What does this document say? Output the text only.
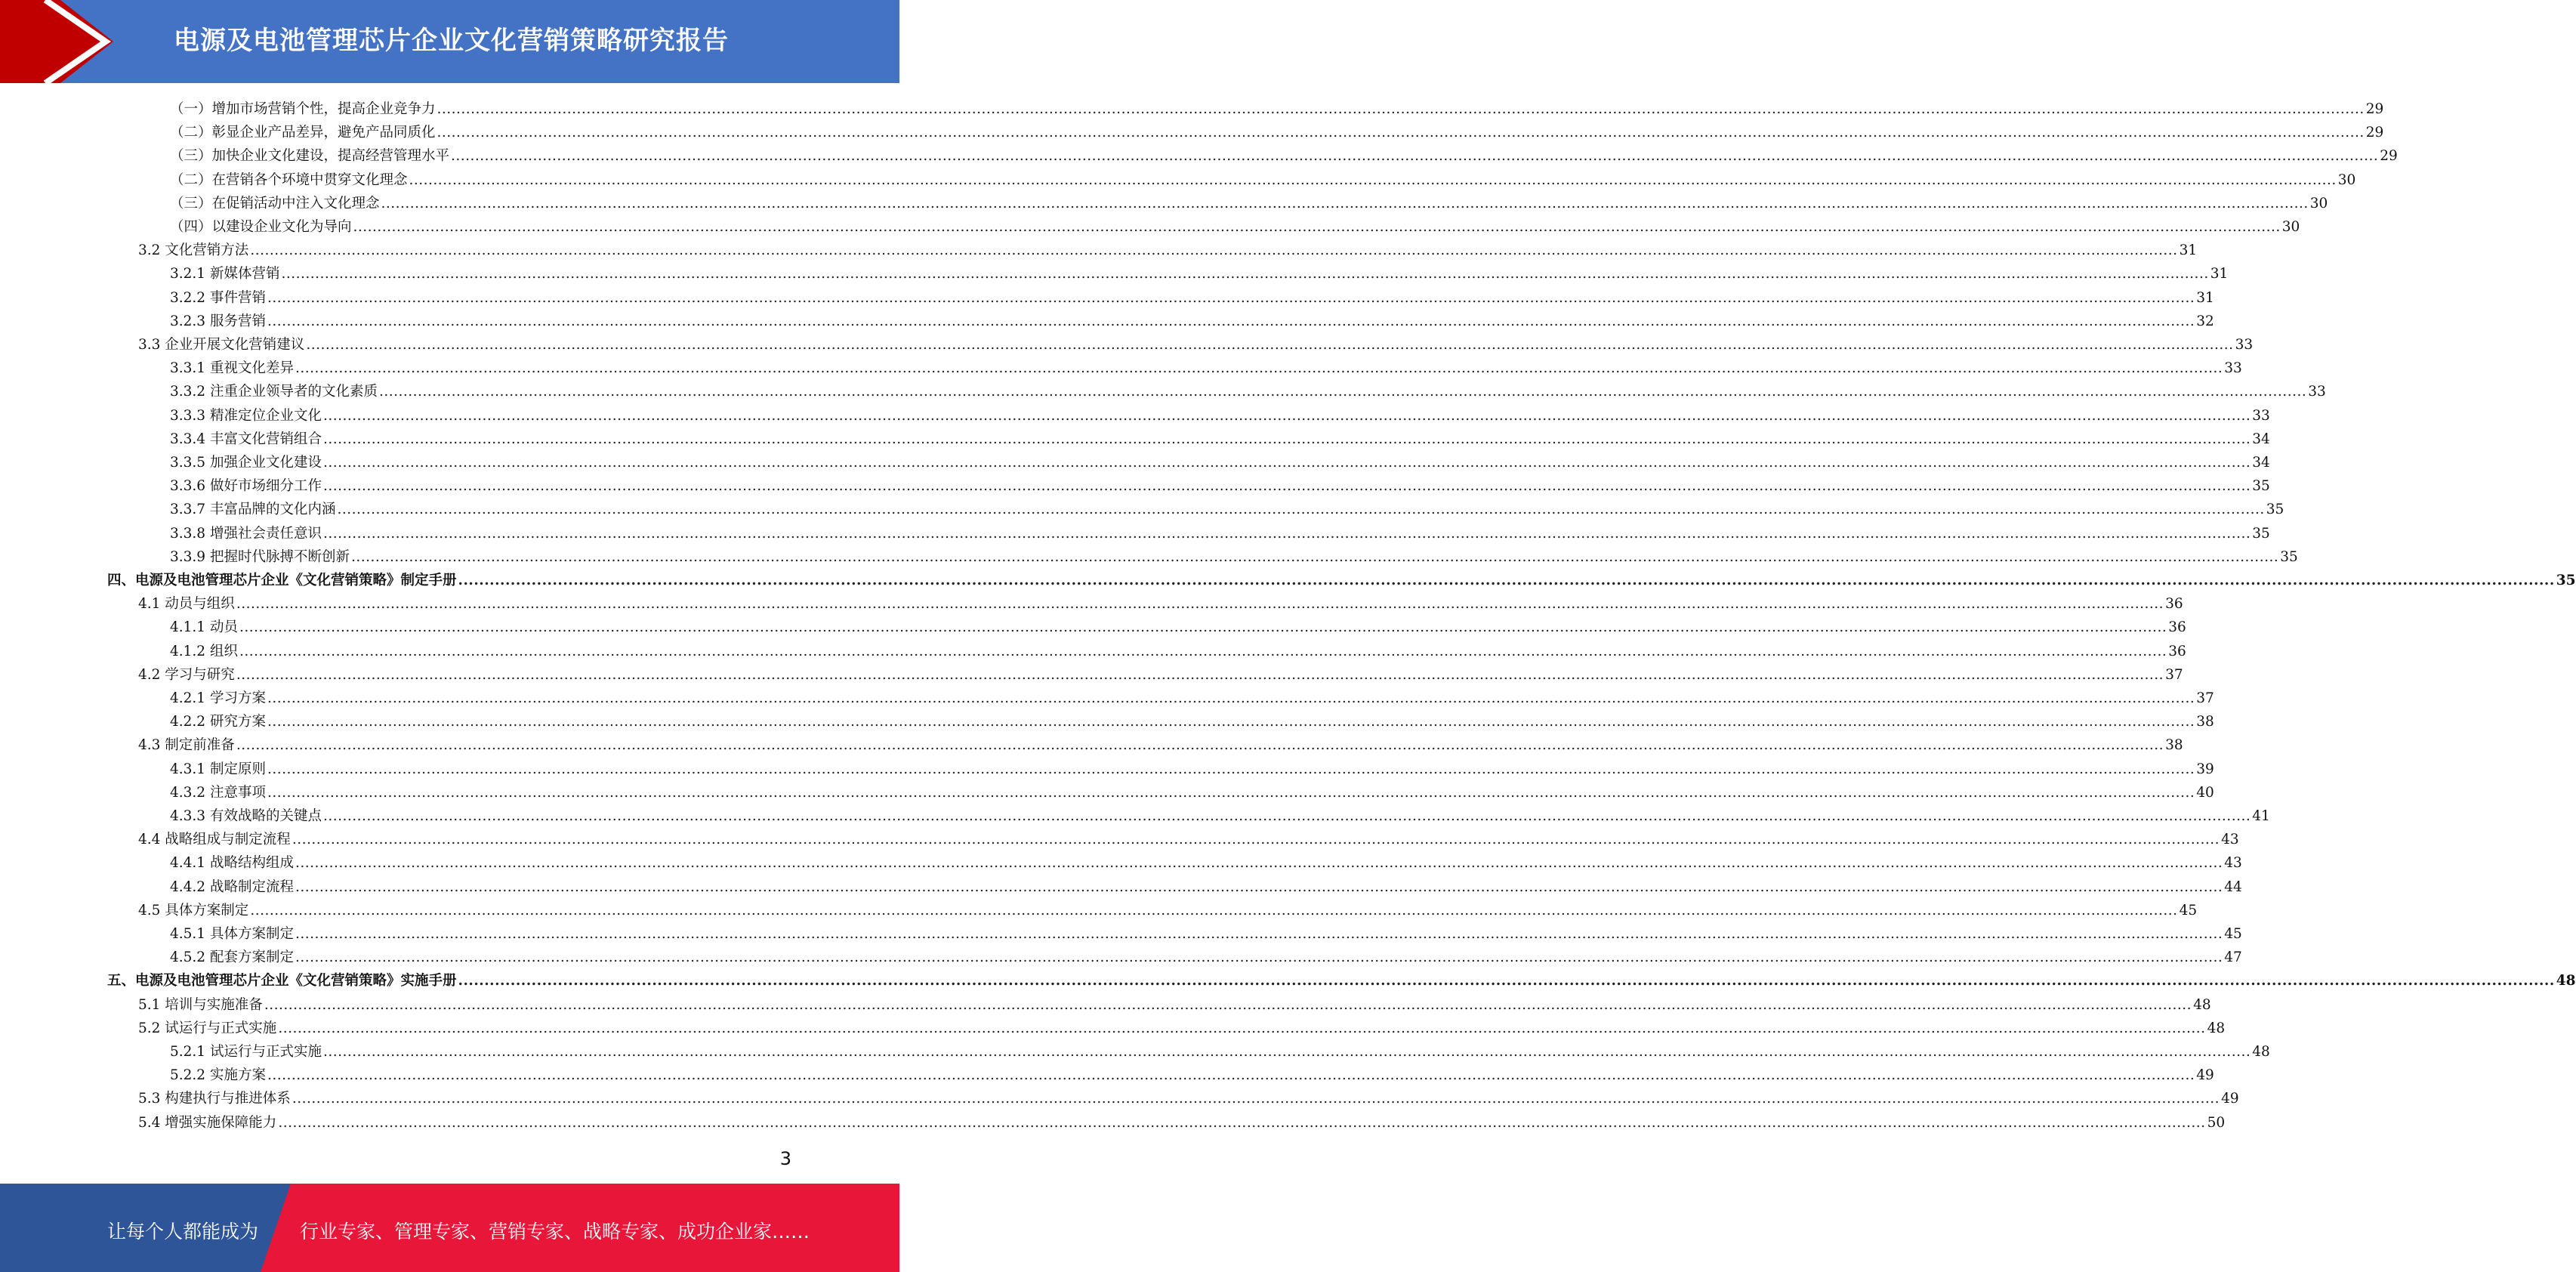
电源及电池管理芯片企业文化营销策略研究报告
（一）增加市场营销个性，提高企业竞争力 ................................................................................................................................................................................................................................................................................................................................................................................................................ 29
（二）彰显企业产品差异，避免产品同质化 ................................................................................................................................................................................................................................................................................................................................................................................................................ 29
（三）加快企业文化建设，提高经营管理水平 ................................................................................................................................................................................................................................................................................................................................................................................................................ 29
（二）在营销各个环境中贯穿文化理念 ................................................................................................................................................................................................................................................................................................................................................................................................................ 30
（三）在促销活动中注入文化理念 ................................................................................................................................................................................................................................................................................................................................................................................................................ 30
（四）以建设企业文化为导向 ................................................................................................................................................................................................................................................................................................................................................................................................................ 30
3.2 文化营销方法 ................................................................................................................................................................................................................................................................................................................................................................................................................ 31
3.2.1 新媒体营销 ................................................................................................................................................................................................................................................................................................................................................................................................................ 31
3.2.2 事件营销 ................................................................................................................................................................................................................................................................................................................................................................................................................ 31
3.2.3 服务营销 ................................................................................................................................................................................................................................................................................................................................................................................................................ 32
3.3 企业开展文化营销建议 ................................................................................................................................................................................................................................................................................................................................................................................................................ 33
3.3.1 重视文化差异 ................................................................................................................................................................................................................................................................................................................................................................................................................ 33
3.3.2 注重企业领导者的文化素质 ................................................................................................................................................................................................................................................................................................................................................................................................................ 33
3.3.3 精准定位企业文化 ................................................................................................................................................................................................................................................................................................................................................................................................................ 33
3.3.4 丰富文化营销组合 ................................................................................................................................................................................................................................................................................................................................................................................................................ 34
3.3.5 加强企业文化建设 ................................................................................................................................................................................................................................................................................................................................................................................................................ 34
3.3.6 做好市场细分工作 ................................................................................................................................................................................................................................................................................................................................................................................................................ 35
3.3.7 丰富品牌的文化内涵 ................................................................................................................................................................................................................................................................................................................................................................................................................ 35
3.3.8 增强社会责任意识 ................................................................................................................................................................................................................................................................................................................................................................................................................ 35
3.3.9 把握时代脉搏不断创新 ................................................................................................................................................................................................................................................................................................................................................................................................................ 35
四、电源及电池管理芯片企业《文化营销策略》制定手册 ................................................................................................................................................................................................................................................................................................................................................................................................................ 35
4.1 动员与组织 ................................................................................................................................................................................................................................................................................................................................................................................................................ 36
4.1.1 动员 ................................................................................................................................................................................................................................................................................................................................................................................................................ 36
4.1.2 组织 ................................................................................................................................................................................................................................................................................................................................................................................................................ 36
4.2 学习与研究 ................................................................................................................................................................................................................................................................................................................................................................................................................ 37
4.2.1 学习方案 ................................................................................................................................................................................................................................................................................................................................................................................................................ 37
4.2.2 研究方案 ................................................................................................................................................................................................................................................................................................................................................................................................................ 38
4.3 制定前准备 ................................................................................................................................................................................................................................................................................................................................................................................................................ 38
4.3.1 制定原则 ................................................................................................................................................................................................................................................................................................................................................................................................................ 39
4.3.2 注意事项 ................................................................................................................................................................................................................................................................................................................................................................................................................ 40
4.3.3 有效战略的关键点 ................................................................................................................................................................................................................................................................................................................................................................................................................ 41
4.4 战略组成与制定流程 ................................................................................................................................................................................................................................................................................................................................................................................................................ 43
4.4.1 战略结构组成 ................................................................................................................................................................................................................................................................................................................................................................................................................ 43
4.4.2 战略制定流程 ................................................................................................................................................................................................................................................................................................................................................................................................................ 44
4.5 具体方案制定 ................................................................................................................................................................................................................................................................................................................................................................................................................ 45
4.5.1 具体方案制定 ................................................................................................................................................................................................................................................................................................................................................................................................................ 45
4.5.2 配套方案制定 ................................................................................................................................................................................................................................................................................................................................................................................................................ 47
五、电源及电池管理芯片企业《文化营销策略》实施手册 ................................................................................................................................................................................................................................................................................................................................................................................................................ 48
5.1 培训与实施准备 ................................................................................................................................................................................................................................................................................................................................................................................................................ 48
5.2 试运行与正式实施 ................................................................................................................................................................................................................................................................................................................................................................................................................ 48
5.2.1 试运行与正式实施 ................................................................................................................................................................................................................................................................................................................................................................................................................ 48
5.2.2 实施方案 ................................................................................................................................................................................................................................................................................................................................................................................................................ 49
5.3 构建执行与推进体系 ................................................................................................................................................................................................................................................................................................................................................................................................................ 49
5.4 增强实施保障能力 ................................................................................................................................................................................................................................................................................................................................................................................................................ 50
3
让每个人都能成为 行业专家、管理专家、营销专家、战略专家、成功企业家……
